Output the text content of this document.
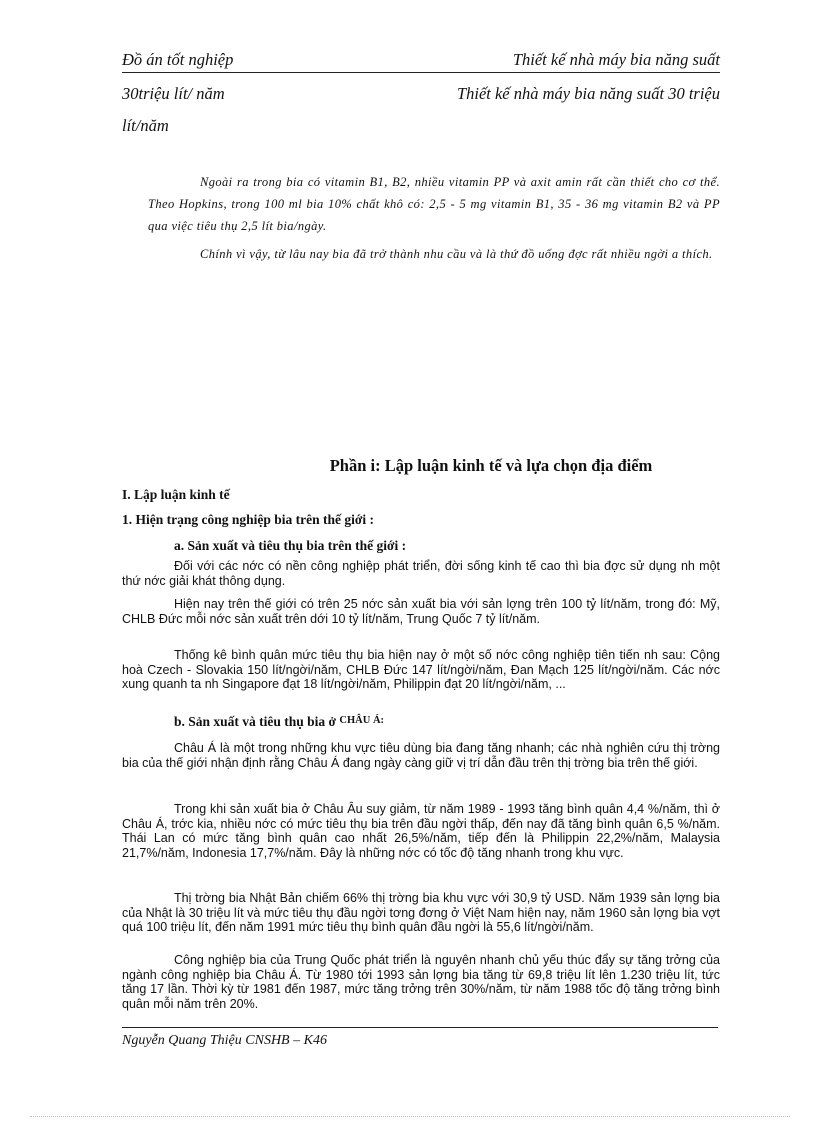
Đồ án tốt nghiệp	Thiết kế nhà máy bia năng suất
30triệu lít/ năm	Thiết kế nhà máy bia năng suất 30 triệu
lít/năm

Ngoài ra trong bia có vitamin B1, B2, nhiều vitamin PP và axit amin rất cần thiết cho cơ thể. Theo Hopkins, trong 100 ml bia 10% chất khô có: 2,5 - 5 mg vitamin B1, 35 - 36 mg vitamin B2 và PP qua việc tiêu thụ 2,5 lít bia/ngày.

Chính vì vậy, từ lâu nay bia đã trở thành nhu cầu và là thứ đồ uống đợc rất nhiều ngời a thích.

Phần i: Lập luận kinh tế và lựa chọn địa điểm
I. Lập luận kinh tế
1. Hiện trạng công nghiệp bia trên thế giới :
a. Sản xuất và tiêu thụ bia trên thế giới :

Đối với các nớc có nền công nghiệp phát triển, đời sống kinh tế cao thì bia đợc sử dụng nh một thứ nớc giải khát thông dụng.

Hiện nay trên thế giới có trên 25 nớc sản xuất bia với sản lợng trên 100 tỷ lít/năm, trong đó: Mỹ, CHLB Đức mỗi nớc sản xuất trên dới 10 tỷ lít/năm, Trung Quốc 7 tỷ lít/năm.

Thống kê bình quân mức tiêu thụ bia hiện nay ở một số nớc công nghiệp tiên tiến nh sau: Cộng hoà Czech - Slovakia 150 lít/ngời/năm, CHLB Đức 147 lít/ngời/năm, Đan Mạch 125 lít/ngời/năm. Các nớc xung quanh ta nh Singapore đạt 18 lít/ngời/năm, Philippin đạt 20 lít/ngời/năm, ...

b. Sản xuất và tiêu thụ bia ở $^{CHÂU Á:}$

Châu Á là một trong những khu vực tiêu dùng bia đang tăng nhanh; các nhà nghiên cứu thị trờng bia của thế giới nhận định rằng Châu Á đang ngày càng giữ vị trí dẫn đầu trên thị trờng bia trên thế giới.

Trong khi sản xuất bia ở Châu Âu suy giảm, từ năm 1989 - 1993 tăng bình quân 4,4 %/năm, thì ở Châu Á, trớc kia, nhiều nớc có mức tiêu thụ bia trên đầu ngời thấp, đến nay đã tăng bình quân 6,5 %/năm. Thái Lan có mức tăng bình quân cao nhất 26,5%/năm, tiếp đến là Philippin 22,2%/năm, Malaysia 21,7%/năm, Indonesia 17,7%/năm. Đây là những nớc có tốc độ tăng nhanh trong khu vực.

Thị trờng bia Nhật Bản chiếm 66% thị trờng bia khu vực với 30,9 tỷ USD. Năm 1939 sản lợng bia của Nhật là 30 triệu lít và mức tiêu thụ đầu ngời tơng đơng ở Việt Nam hiện nay, năm 1960 sản lợng bia vợt quá 100 triệu lít, đến năm 1991 mức tiêu thụ bình quân đầu ngời là 55,6 lít/ngời/năm.

Công nghiệp bia của Trung Quốc phát triển là nguyên nhanh chủ yếu thúc đẩy sự tăng trởng của ngành công nghiệp bia Châu Á. Từ 1980 tới 1993 sản lợng bia tăng từ 69,8 triệu lít lên 1.230 triệu lít, tức tăng 17 lần. Thời kỳ từ 1981 đến 1987, mức tăng trởng trên 30%/năm, từ năm 1988 tốc độ tăng trởng bình quân mỗi năm trên 20%.

Nguyễn Quang Thiệu CNSHB – K46
